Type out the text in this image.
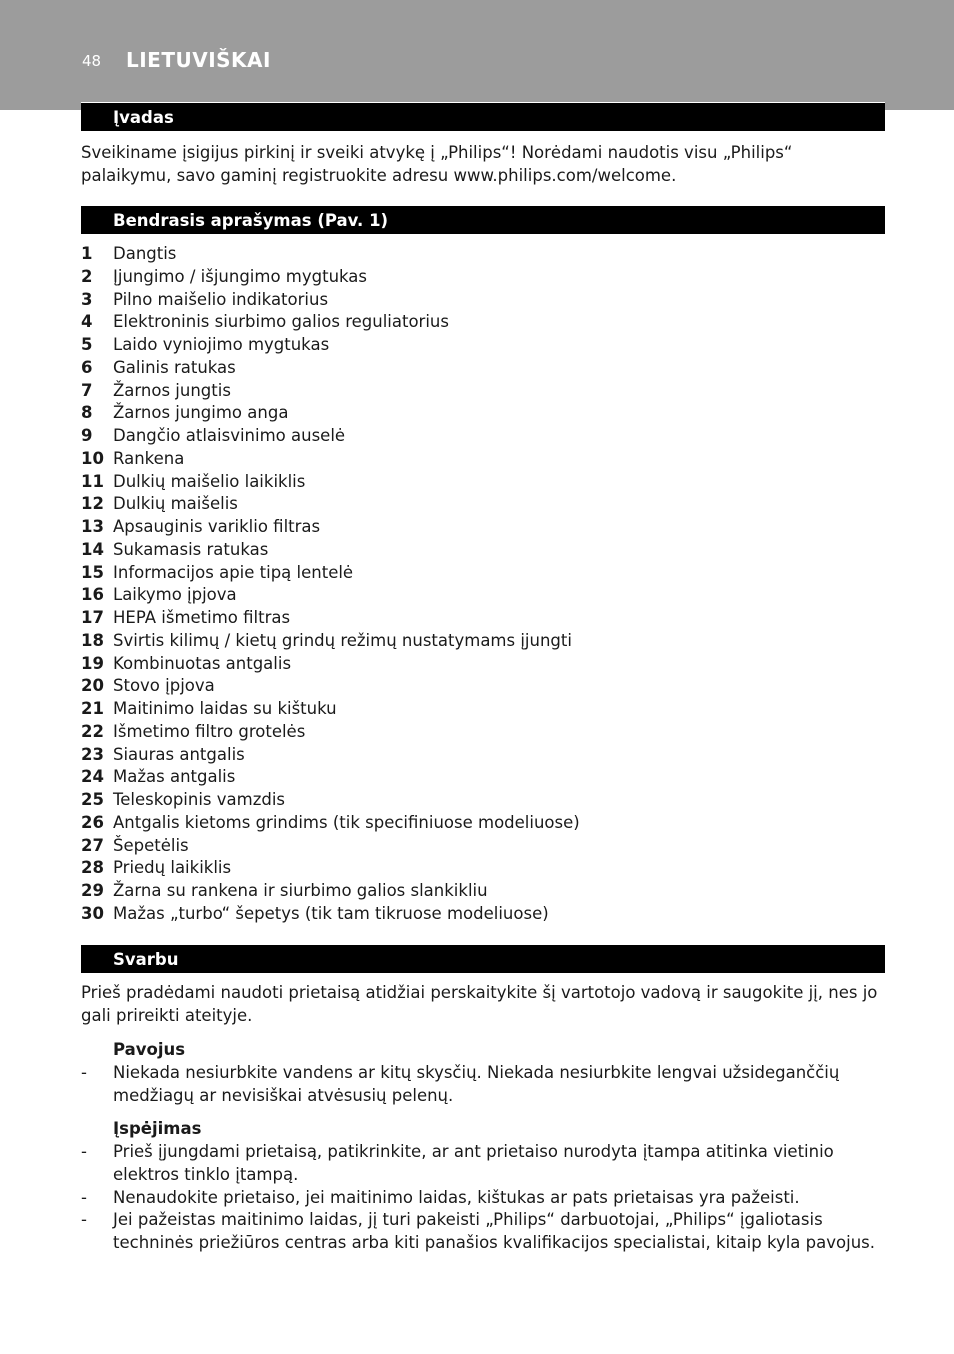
48 LIETUVIŠKAI
Įvadas

Sveikiname įsigijus pirkinį ir sveiki atvykę į „Philips“! Norėdami naudotis visu „Philips“ palaikymu, savo gaminį registruokite adresu www.philips.com/welcome.

Bendrasis aprašymas (Pav. 1)
1	Dangtis
2	Įjungimo / išjungimo mygtukas
3	Pilno maišelio indikatorius
4	Elektroninis siurbimo galios reguliatorius
5	Laido vyniojimo mygtukas
6	Galinis ratukas
7	Žarnos jungtis
8	Žarnos jungimo anga
9	Dangčio atlaisvinimo auselė
10 Rankena
11 Dulkių maišelio laikiklis
12 Dulkių maišelis
13 Apsauginis variklio filtras
14 Sukamasis ratukas
15 Informacijos apie tipą lentelė
16 Laikymo įpjova
17 HEPA išmetimo filtras
18 Svirtis kilimų / kietų grindų režimų nustatymams įjungti
19 Kombinuotas antgalis
20 Stovo įpjova
21 Maitinimo laidas su kištuku
22 Išmetimo filtro grotelės
23 Siauras antgalis
24 Mažas antgalis
25 Teleskopinis vamzdis
26 Antgalis kietoms grindims (tik specifiniuose modeliuose)
27 Šepetėlis
28 Priedų laikiklis
29 Žarna su rankena ir siurbimo galios slankikliu
30 Mažas „turbo“ šepetys (tik tam tikruose modeliuose)
Svarbu

Prieš pradėdami naudoti prietaisą atidžiai perskaitykite šį vartotojo vadovą ir saugokite jį, nes jo gali prireikti ateityje.

Pavojus
- Niekada nesiurbkite vandens ar kitų skysčių. Niekada nesiurbkite lengvai užsideganččių medžiagų ar nevisiškai atvėsusių pelenų.
Įspėjimas
- Prieš įjungdami prietaisą, patikrinkite, ar ant prietaiso nurodyta įtampa atitinka vietinio elektros tinklo įtampą.
- Nenaudokite prietaiso, jei maitinimo laidas, kištukas ar pats prietaisas yra pažeisti.
- Jei pažeistas maitinimo laidas, jį turi pakeisti „Philips“ darbuotojai, „Philips“ įgaliotasis techninės priežiūros centras arba kiti panašios kvalifikacijos specialistai, kitaip kyla pavojus.
